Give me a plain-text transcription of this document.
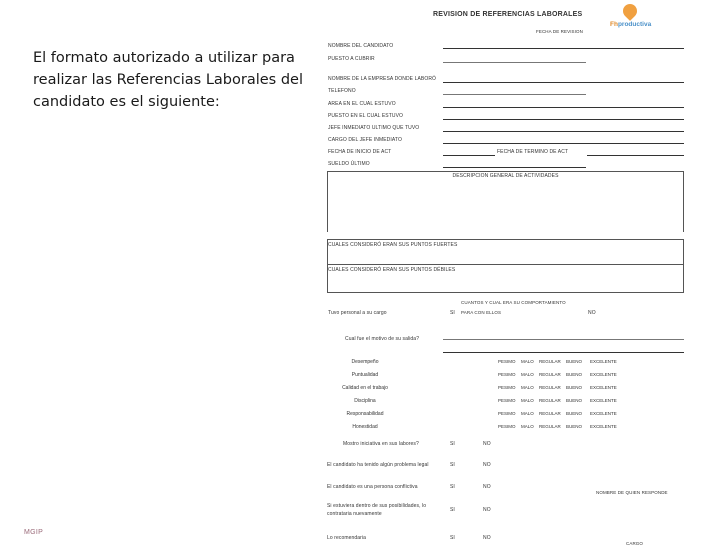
El formato autorizado a utilizar para realizar las Referencias Laborales del candidato es el siguiente:
MGIP
REVISION DE REFERENCIAS LABORALES
Fhproductiva
FECHA DE REVISION
NOMBRE DEL CANDIDATO
PUESTO A CUBRIR
NOMBRE DE LA EMPRESA DONDE LABORÓ
TELEFONO
AREA EN EL CUAL ESTUVO
PUESTO EN EL CUAL ESTUVO
JEFE INMEDIATO ULTIMO QUE TUVO
CARGO DEL JEFE INMEDIATO
FECHA DE INICIO DE ACT	FECHA DE TERMINO DE ACT
SUELDO ÚLTIMO
DESCRIPCION GENERAL DE ACTIVIDADES
CUALES CONSIDERÓ ERAN SUS PUNTOS FUERTES
CUALES CONSIDERÓ ERAN SUS PUNTOS DÉBILES
CUANTOS Y CUAL ERA SU COMPORTAMIENTO
Tuvo personal a su cargo	SI PARA CON ELLOS	NO
Cual fue el motivo de su salida?
Desempeño	PESIMO MALO REGULAR BUENO EXCELENTE
Puntualidad	PESIMO MALO REGULAR BUENO EXCELENTE
Calidad en el trabajo	PESIMO MALO REGULAR BUENO EXCELENTE
Disciplina	PESIMO MALO REGULAR BUENO EXCELENTE
Responsabilidad	PESIMO MALO REGULAR BUENO EXCELENTE
Honestidad	PESIMO MALO REGULAR BUENO EXCELENTE
Mostro iniciativa en sus labores?	SI	NO
El candidato ha tenido algún problema legal	SI	NO
El candidato es una persona conflictiva	SI	NO
NOMBRE DE QUIEN RESPONDE
Si estuviera dentro de sus posibilidades, lo
contrataria nuevamente
SI	NO
Lo recomendaria	SI	NO
CARGO
